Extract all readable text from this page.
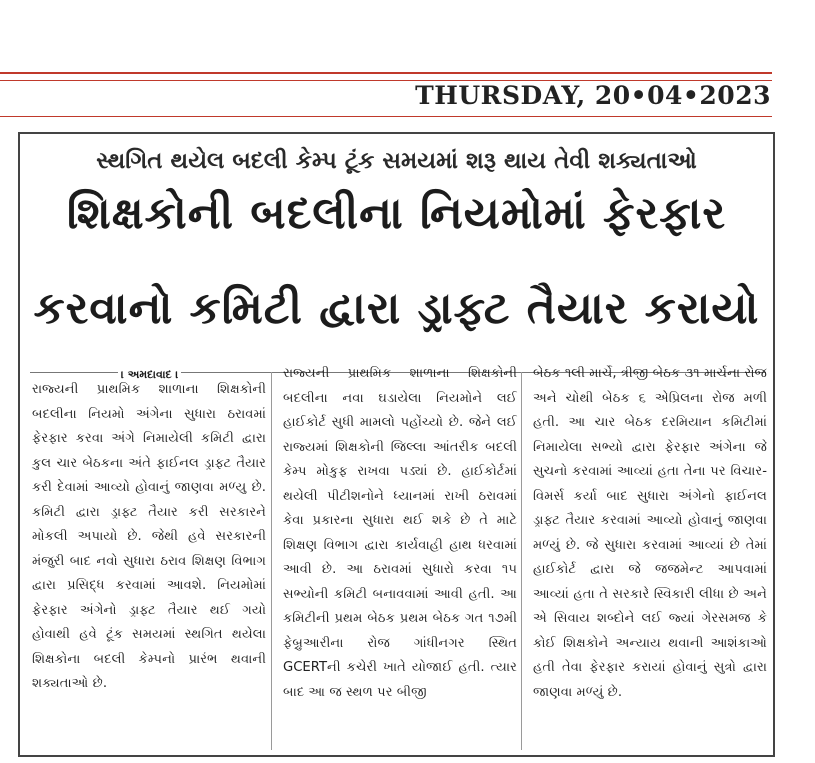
THURSDAY, 20•04•2023
સ્થગિત થયેલ બદલી કેમ્પ ટૂંક સમયમાં શરૂ થાય તેવી શક્યતાઓ
શિક્ષકોની બદલીના નિયમોમાં ફેરફાર
કરવાનો કમિટી દ્વારા ડ્રાફ્ટ તૈયાર કરાયો
। અમદાવાદ ।

રાજ્યની પ્રાથમિક શાળાના શિક્ષકોની બદલીના નિયમો અંગેના સુધારા ઠરાવમાં ફેરફાર કરવા અંગે નિમાયેલી કમિટી દ્વારા કુલ ચાર બેઠકના અંતે ફાઈનલ ડ્રાફ્ટ તૈયાર કરી દેવામાં આવ્યો હોવાનું જાણવા મળ્યુ છે. કમિટી દ્વારા ડ્રાફ્ટ તૈયાર કરી સરકારને મોકલી અપાયો છે. જેથી હવે સરકારની મંજુરી બાદ નવો સુધારા ઠરાવ શિક્ષણ વિભાગ દ્વારા પ્રસિદ્ધ કરવામાં આવશે. નિયમોમાં ફેરફાર અંગેનો ડ્રાફ્ટ તૈયાર થઈ ગયો હોવાથી હવે ટૂંક સમયમાં સ્થગિત થયેલા શિક્ષકોના બદલી કેમ્પનો પ્રારંભ થવાની શક્યતાઓ છે.

રાજ્યની પ્રાથમિક શાળાના શિક્ષકોની બદલીના નવા ઘડાયેલા નિયમોને લઈ હાઈકોર્ટ સુધી મામલો પહોંચ્યો છે. જેને લઈ રાજ્યમાં શિક્ષકોની જિલ્લા આંતરીક બદલી કેમ્પ મોકુફ રાખવા પડ્યાં છે. હાઈકોર્ટમાં થયેલી પીટીશનોને ધ્યાનમાં રાખી ઠરાવમાં કેવા પ્રકારના સુધારા થઈ શકે છે તે માટે શિક્ષણ વિભાગ દ્વારા કાર્યવાહી હાથ ધરવામાં આવી છે. આ ઠરાવમાં સુધારો કરવા ૧૫ સભ્યોની કમિટી બનાવવામાં આવી હતી. આ કમિટીની પ્રથમ બેઠક પ્રથમ બેઠક ગત ૧૭મી ફેબ્રુઆરીના રોજ ગાંધીનગર સ્થિત GCERTની કચેરી ખાતે યોજાઈ હતી. ત્યાર બાદ આ જ સ્થળ પર બીજી

બેઠક ૧લી માર્ચે, ત્રીજી બેઠક ૩૧ માર્ચના રોજ અને ચોથી બેઠક ૬ એપ્રિલના રોજ મળી હતી. આ ચાર બેઠક દરમિયાન કમિટીમાં નિમાયેલા સભ્યો દ્વારા ફેરફાર અંગેના જે સુચનો કરવામાં આવ્યાં હતા તેના પર વિચાર-વિમર્સ કર્યા બાદ સુધારા અંગેનો ફાઈનલ ડ્રાફ્ટ તૈયાર કરવામાં આવ્યો હોવાનું જાણવા મળ્યું છે. જે સુધારા કરવામાં આવ્યાં છે તેમાં હાઈકોર્ટ દ્વારા જે જજમેન્ટ આપવામાં આવ્યાં હતા તે સરકારે સ્વિકારી લીધા છે અને એ સિવાય શબ્દોને લઈ જ્યાં ગેરસમજ કે કોઈ શિક્ષકોને અન્યાય થવાની આશંકાઓ હતી તેવા ફેરફાર કરાયાં હોવાનું સુત્રો દ્વારા જાણવા મળ્યું છે.
